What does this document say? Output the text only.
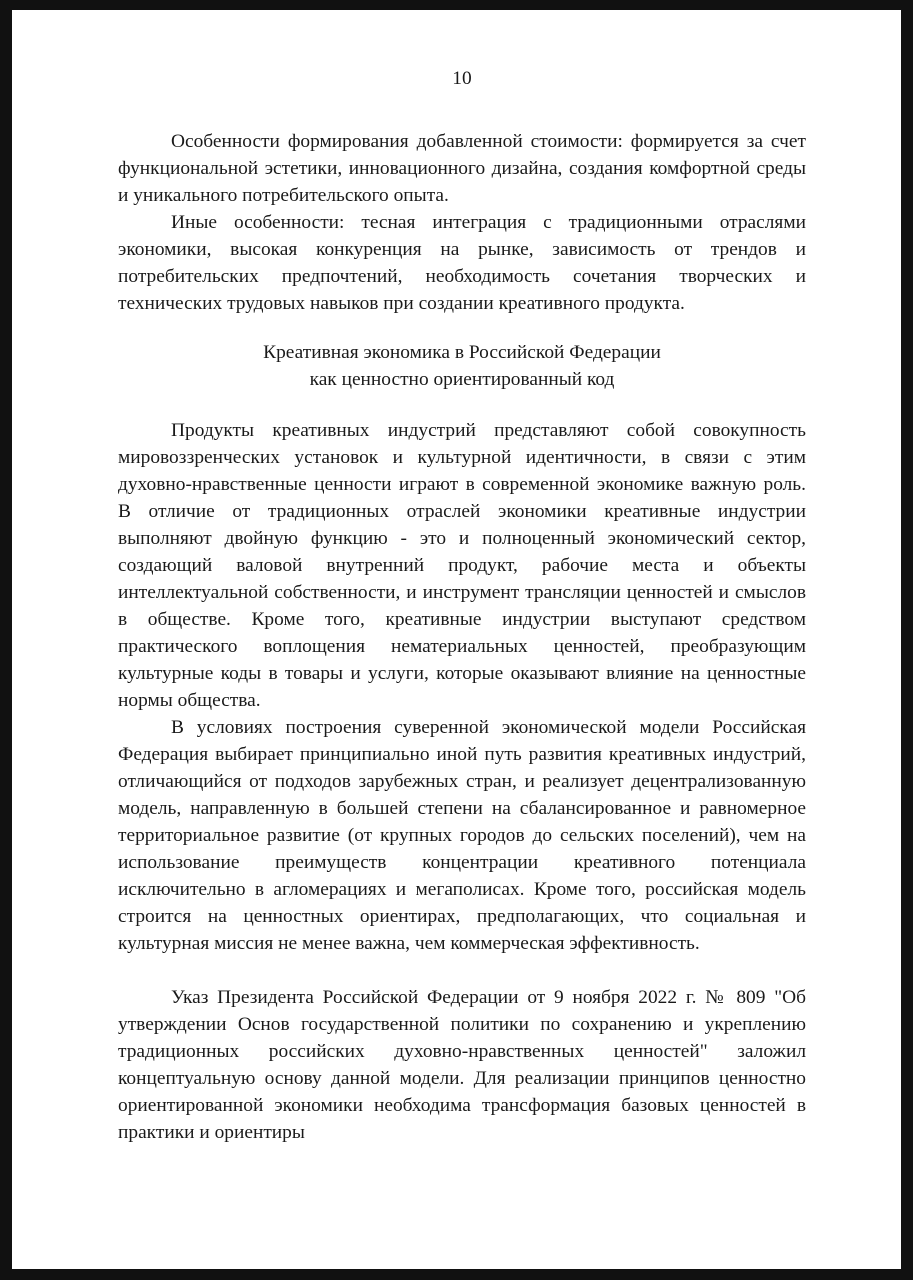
10

Особенности формирования добавленной стоимости: формируется за счет функциональной эстетики, инновационного дизайна, создания комфортной среды и уникального потребительского опыта.

Иные особенности: тесная интеграция с традиционными отраслями экономики, высокая конкуренция на рынке, зависимость от трендов и потребительских предпочтений, необходимость сочетания творческих и технических трудовых навыков при создании креативного продукта.

Креативная экономика в Российской Федерации
как ценностно ориентированный код

Продукты креативных индустрий представляют собой совокупность мировоззренческих установок и культурной идентичности, в связи с этим духовно-нравственные ценности играют в современной экономике важную роль. В отличие от традиционных отраслей экономики креативные индустрии выполняют двойную функцию - это и полноценный экономический сектор, создающий валовой внутренний продукт, рабочие места и объекты интеллектуальной собственности, и инструмент трансляции ценностей и смыслов в обществе. Кроме того, креативные индустрии выступают средством практического воплощения нематериальных ценностей, преобразующим культурные коды в товары и услуги, которые оказывают влияние на ценностные нормы общества.

В условиях построения суверенной экономической модели Российская Федерация выбирает принципиально иной путь развития креативных индустрий, отличающийся от подходов зарубежных стран, и реализует децентрализованную модель, направленную в большей степени на сбалансированное и равномерное территориальное развитие (от крупных городов до сельских поселений), чем на использование преимуществ концентрации креативного потенциала исключительно в агломерациях и мегаполисах. Кроме того, российская модель строится на ценностных ориентирах, предполагающих, что социальная и культурная миссия не менее важна, чем коммерческая эффективность.

Указ Президента Российской Федерации от 9 ноября 2022 г. № 809 "Об утверждении Основ государственной политики по сохранению и укреплению традиционных российских духовно-нравственных ценностей" заложил концептуальную основу данной модели. Для реализации принципов ценностно ориентированной экономики необходима трансформация базовых ценностей в практики и ориентиры
